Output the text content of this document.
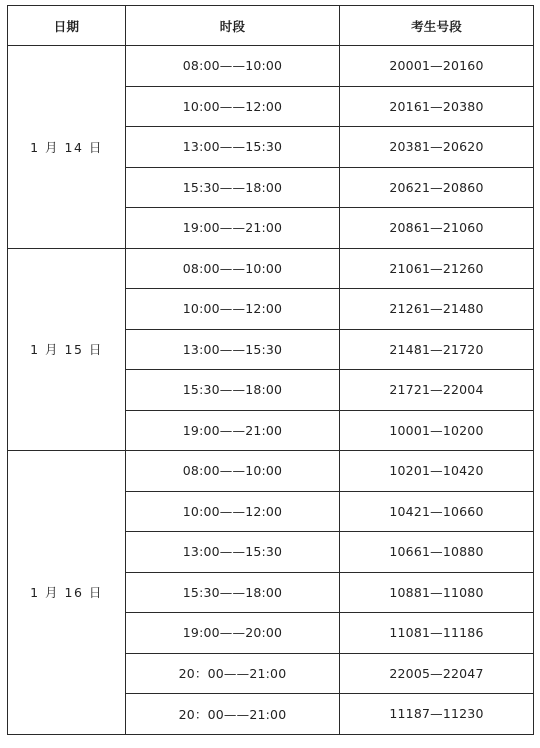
日期	时段	考生号段
1 月 14 日	08:00——10:00	20001—20160
	10:00——12:00	20161—20380
	13:00——15:30	20381—20620
	15:30——18:00	20621—20860
	19:00——21:00	20861—21060
1 月 15 日	08:00——10:00	21061—21260
	10:00——12:00	21261—21480
	13:00——15:30	21481—21720
	15:30——18:00	21721—22004
	19:00——21:00	10001—10200
1 月 16 日	08:00——10:00	10201—10420
	10:00——12:00	10421—10660
	13:00——15:30	10661—10880
	15:30——18:00	10881—11080
	19:00——20:00	11081—11186
	20：00——21:00	22005—22047
	20：00——21:00	11187—11230
